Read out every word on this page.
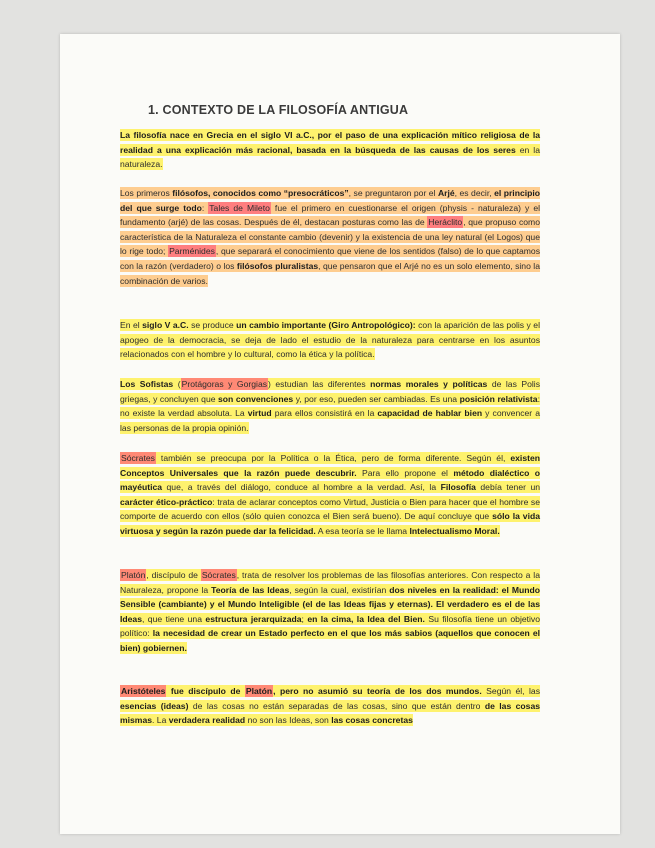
1. CONTEXTO DE LA FILOSOFÍA ANTIGUA

La filosofía nace en Grecia en el siglo VI a.C., por el paso de una explicación mítico religiosa de la realidad a una explicación más racional, basada en la búsqueda de las causas de los seres en la naturaleza.

Los primeros filósofos, conocidos como “presocráticos”, se preguntaron por el Arjé, es decir, el principio del que surge todo: Tales de Mileto fue el primero en cuestionarse el origen (physis - naturaleza) y el fundamento (arjé) de las cosas. Después de él, destacan posturas como las de Heráclito, que propuso como característica de la Naturaleza el constante cambio (devenir) y la existencia de una ley natural (el Logos) que lo rige todo; Parménides, que separará el conocimiento que viene de los sentidos (falso) de lo que captamos con la razón (verdadero) o los filósofos pluralistas, que pensaron que el Arjé no es un solo elemento, sino la combinación de varios.

En el siglo V a.C. se produce un cambio importante (Giro Antropológico): con la aparición de las polis y el apogeo de la democracia, se deja de lado el estudio de la naturaleza para centrarse en los asuntos relacionados con el hombre y lo cultural, como la ética y la política.

Los Sofistas (Protágoras y Gorgias) estudian las diferentes normas morales y políticas de las Polis griegas, y concluyen que son convenciones y, por eso, pueden ser cambiadas. Es una posición relativista: no existe la verdad absoluta. La virtud para ellos consistirá en la capacidad de hablar bien y convencer a las personas de la propia opinión.

Sócrates también se preocupa por la Política o la Ética, pero de forma diferente. Según él, existen Conceptos Universales que la razón puede descubrir. Para ello propone el método dialéctico o mayéutica que, a través del diálogo, conduce al hombre a la verdad. Así, la Filosofía debía tener un carácter ético-práctico: trata de aclarar conceptos como Virtud, Justicia o Bien para hacer que el hombre se comporte de acuerdo con ellos (sólo quien conozca el Bien será bueno). De aquí concluye que sólo la vida virtuosa y según la razón puede dar la felicidad. A esa teoría se le llama Intelectualismo Moral.

Platón, discípulo de Sócrates, trata de resolver los problemas de las filosofías anteriores. Con respecto a la Naturaleza, propone la Teoría de las Ideas, según la cual, existirían dos niveles en la realidad: el Mundo Sensible (cambiante) y el Mundo Inteligible (el de las Ideas fijas y eternas). El verdadero es el de las Ideas, que tiene una estructura jerarquizada; en la cima, la Idea del Bien. Su filosofía tiene un objetivo político: la necesidad de crear un Estado perfecto en el que los más sabios (aquellos que conocen el bien) gobiernen.

Aristóteles fue discípulo de Platón, pero no asumió su teoría de los dos mundos. Según él, las esencias (ideas) de las cosas no están separadas de las cosas, sino que están dentro de las cosas mismas. La verdadera realidad no son las Ideas, son las cosas concretas
